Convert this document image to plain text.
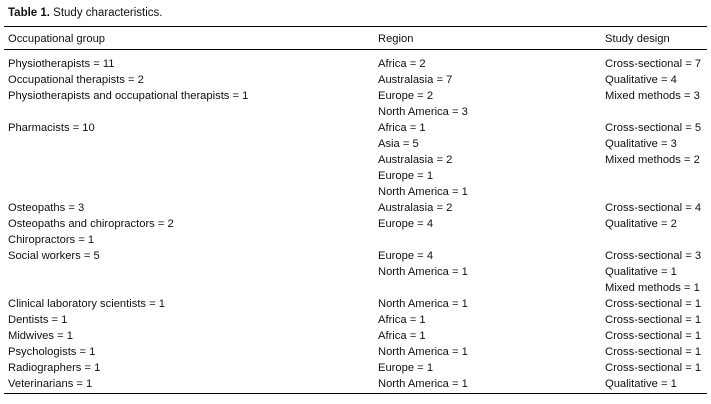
Table 1. Study characteristics.
Occupational group	Region	Study design

Physiotherapists = 11	Africa = 2	Cross-sectional = 7
Occupational therapists = 2	Australasia = 7	Qualitative = 4
Physiotherapists and occupational therapists = 1	Europe = 2	Mixed methods = 3
	North America = 3	
Pharmacists = 10	Africa = 1	Cross-sectional = 5
	Asia = 5	Qualitative = 3
	Australasia = 2	Mixed methods = 2
	Europe = 1	
	North America = 1	
Osteopaths = 3	Australasia = 2	Cross-sectional = 4
Osteopaths and chiropractors = 2	Europe = 4	Qualitative = 2
Chiropractors = 1		
Social workers = 5	Europe = 4	Cross-sectional = 3
	North America = 1	Qualitative = 1
		Mixed methods = 1
Clinical laboratory scientists = 1	North America = 1	Cross-sectional = 1
Dentists = 1	Africa = 1	Cross-sectional = 1
Midwives = 1	Africa = 1	Cross-sectional = 1
Psychologists = 1	North America = 1	Cross-sectional = 1
Radiographers = 1	Europe = 1	Cross-sectional = 1
Veterinarians = 1	North America = 1	Qualitative = 1
